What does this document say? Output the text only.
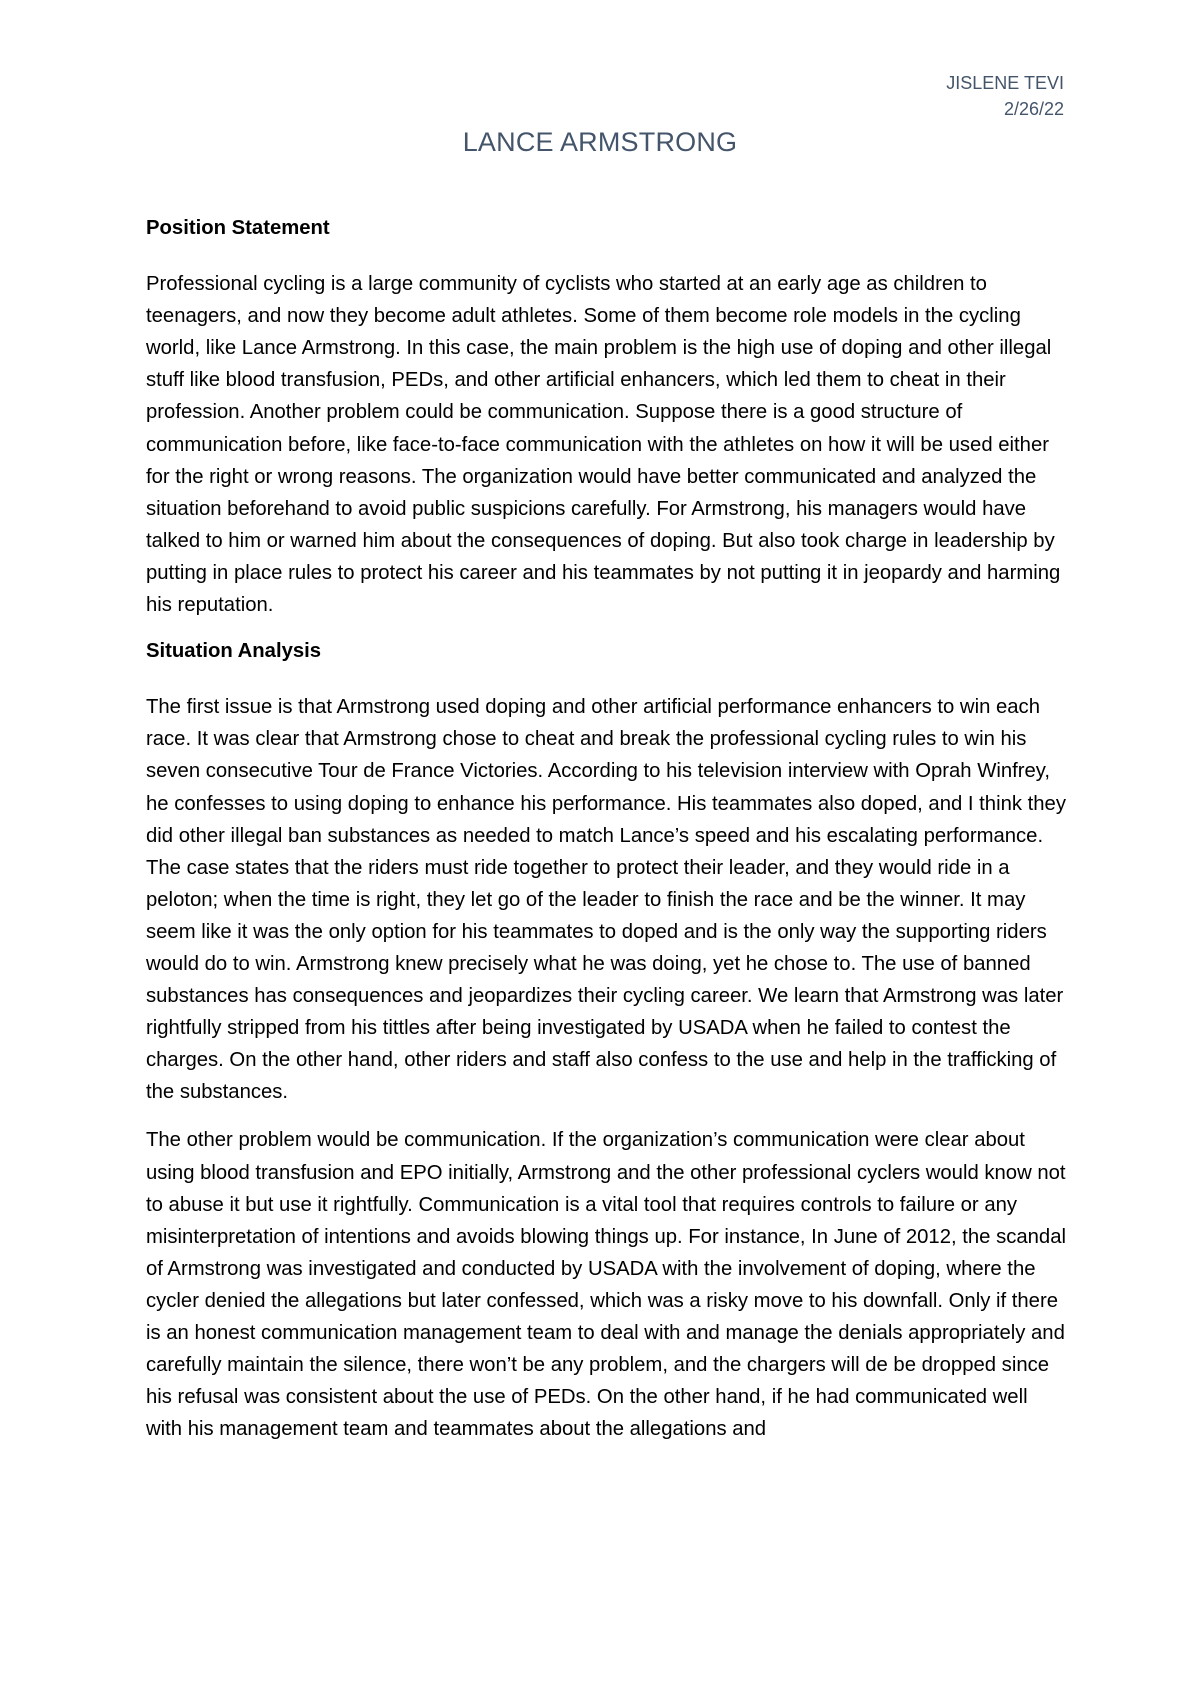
JISLENE TEVI
2/26/22
LANCE ARMSTRONG
Position Statement

Professional cycling is a large community of cyclists who started at an early age as children to teenagers, and now they become adult athletes. Some of them become role models in the cycling world, like Lance Armstrong. In this case, the main problem is the high use of doping and other illegal stuff like blood transfusion, PEDs, and other artificial enhancers, which led them to cheat in their profession. Another problem could be communication. Suppose there is a good structure of communication before, like face-to-face communication with the athletes on how it will be used either for the right or wrong reasons. The organization would have better communicated and analyzed the situation beforehand to avoid public suspicions carefully. For Armstrong, his managers would have talked to him or warned him about the consequences of doping. But also took charge in leadership by putting in place rules to protect his career and his teammates by not putting it in jeopardy and harming his reputation.

Situation Analysis

The first issue is that Armstrong used doping and other artificial performance enhancers to win each race. It was clear that Armstrong chose to cheat and break the professional cycling rules to win his seven consecutive Tour de France Victories. According to his television interview with Oprah Winfrey, he confesses to using doping to enhance his performance. His teammates also doped, and I think they did other illegal ban substances as needed to match Lance’s speed and his escalating performance. The case states that the riders must ride together to protect their leader, and they would ride in a peloton; when the time is right, they let go of the leader to finish the race and be the winner. It may seem like it was the only option for his teammates to doped and is the only way the supporting riders would do to win. Armstrong knew precisely what he was doing, yet he chose to. The use of banned substances has consequences and jeopardizes their cycling career. We learn that Armstrong was later rightfully stripped from his tittles after being investigated by USADA when he failed to contest the charges. On the other hand, other riders and staff also confess to the use and help in the trafficking of the substances.

The other problem would be communication. If the organization’s communication were clear about using blood transfusion and EPO initially, Armstrong and the other professional cyclers would know not to abuse it but use it rightfully. Communication is a vital tool that requires controls to failure or any misinterpretation of intentions and avoids blowing things up. For instance, In June of 2012, the scandal of Armstrong was investigated and conducted by USADA with the involvement of doping, where the cycler denied the allegations but later confessed, which was a risky move to his downfall. Only if there is an honest communication management team to deal with and manage the denials appropriately and carefully maintain the silence, there won’t be any problem, and the chargers will de be dropped since his refusal was consistent about the use of PEDs. On the other hand, if he had communicated well with his management team and teammates about the allegations and
